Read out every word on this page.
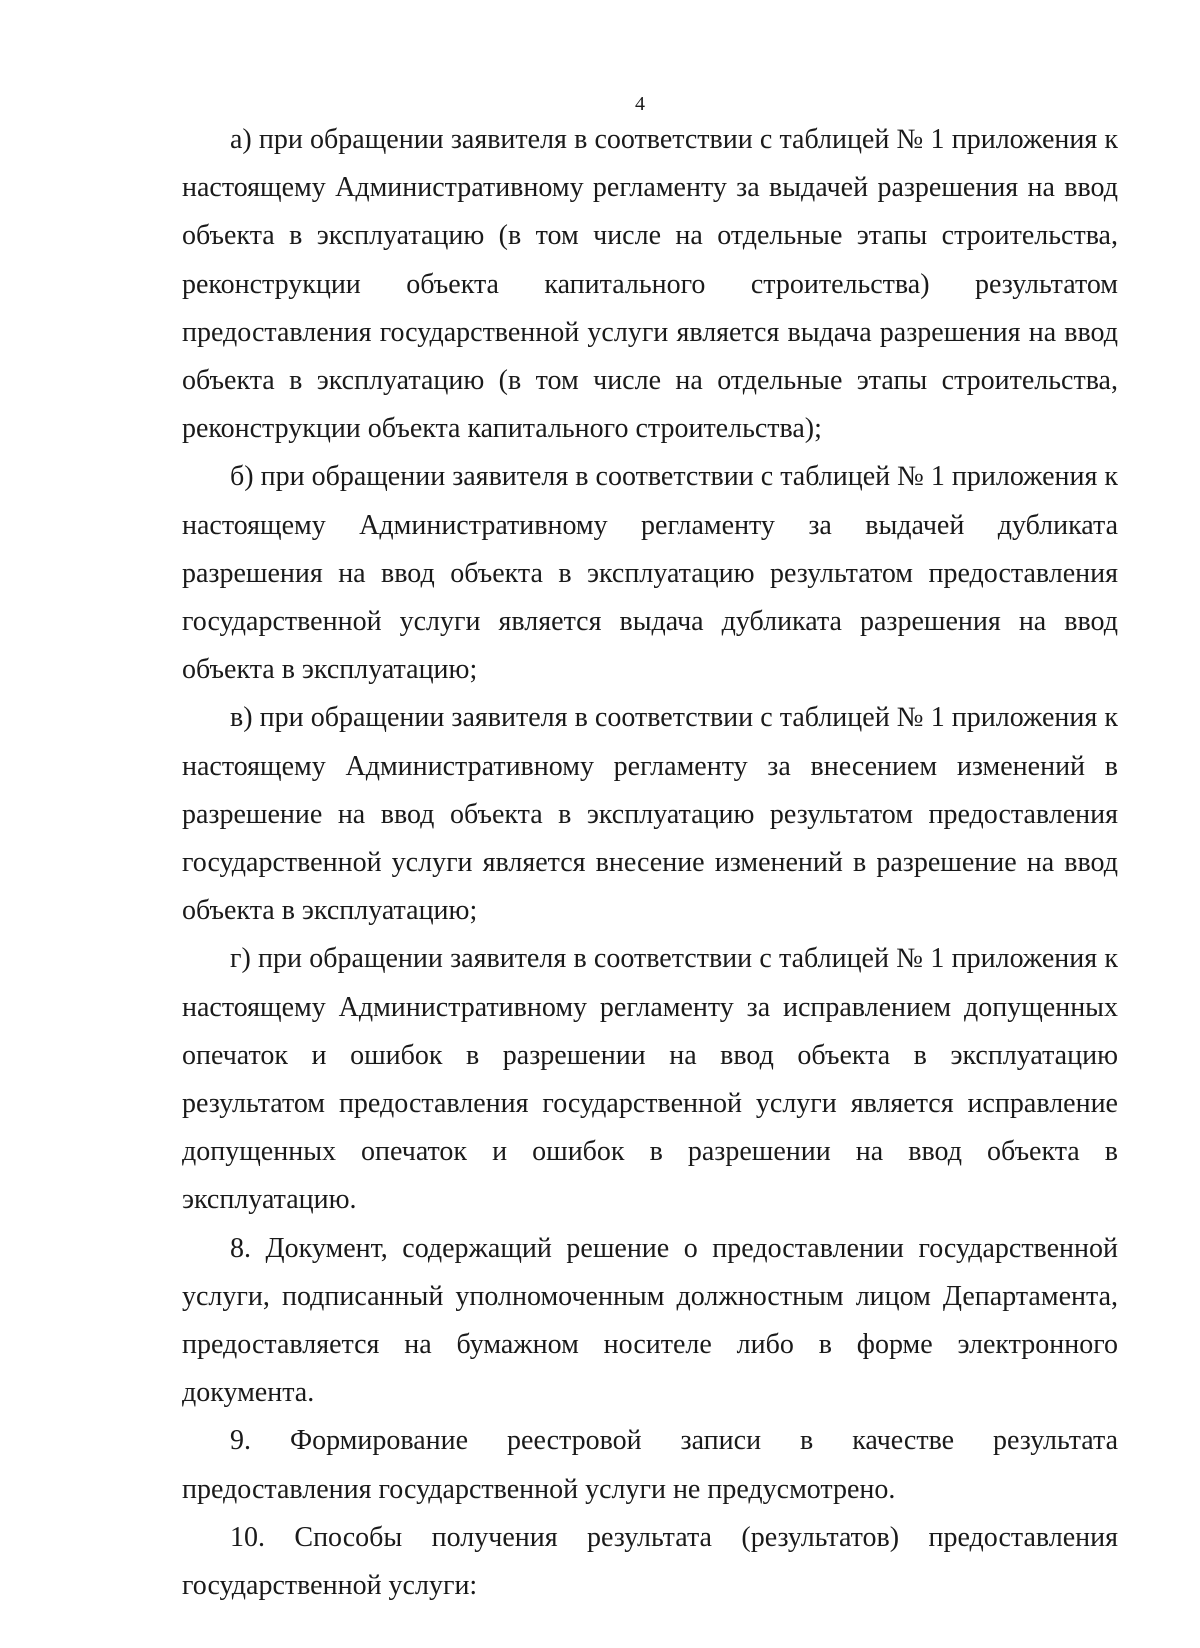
4

а) при обращении заявителя в соответствии с таблицей № 1 приложения к настоящему Административному регламенту за выдачей разрешения на ввод объекта в эксплуатацию (в том числе на отдельные этапы строительства, реконструкции объекта капитального строительства) результатом предоставления государственной услуги является выдача разрешения на ввод объекта в эксплуатацию (в том числе на отдельные этапы строительства, реконструкции объекта капитального строительства);

б) при обращении заявителя в соответствии с таблицей № 1 приложения к настоящему Административному регламенту за выдачей дубликата разрешения на ввод объекта в эксплуатацию результатом предоставления государственной услуги является выдача дубликата разрешения на ввод объекта в эксплуатацию;

в) при обращении заявителя в соответствии с таблицей № 1 приложения к настоящему Административному регламенту за внесением изменений в разрешение на ввод объекта в эксплуатацию результатом предоставления государственной услуги является внесение изменений в разрешение на ввод объекта в эксплуатацию;

г) при обращении заявителя в соответствии с таблицей № 1 приложения к настоящему Административному регламенту за исправлением допущенных опечаток и ошибок в разрешении на ввод объекта в эксплуатацию результатом предоставления государственной услуги является исправление допущенных опечаток и ошибок в разрешении на ввод объекта в эксплуатацию.

8. Документ, содержащий решение о предоставлении государственной услуги, подписанный уполномоченным должностным лицом Департамента, предоставляется на бумажном носителе либо в форме электронного документа.

9. Формирование реестровой записи в качестве результата предоставления государственной услуги не предусмотрено.

10. Способы получения результата (результатов) предоставления государственной услуги:
